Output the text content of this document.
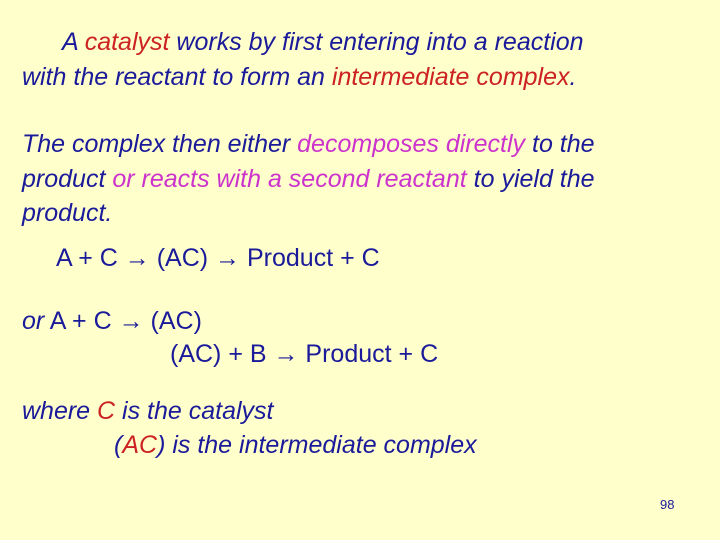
A catalyst works by first entering into a reaction
with the reactant to form an intermediate complex.
The complex then either decomposes directly to the
product or reacts with a second reactant to yield the
product.
A + C → (AC) → Product + C
or A + C → (AC)
(AC) + B → Product + C
where C is the catalyst
(AC) is the intermediate complex
98
